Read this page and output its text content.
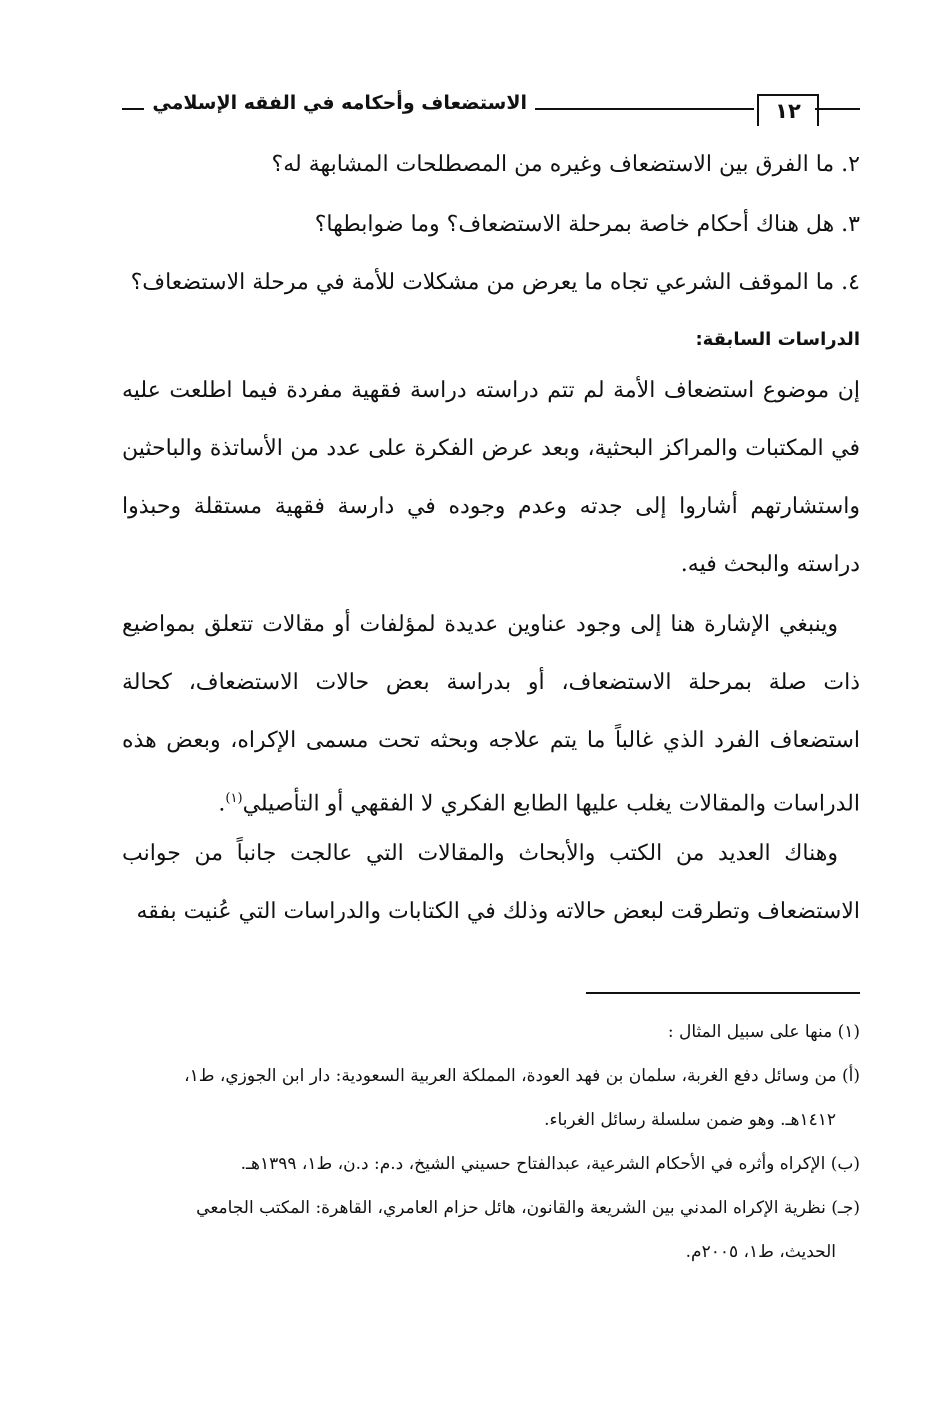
الاستضعاف وأحكامه في الفقه الإسلامي	١٢
٢. ما الفرق بين الاستضعاف وغيره من المصطلحات المشابهة له؟
٣. هل هناك أحكام خاصة بمرحلة الاستضعاف؟ وما ضوابطها؟
٤. ما الموقف الشرعي تجاه ما يعرض من مشكلات للأمة في مرحلة الاستضعاف؟
الدراسات السابقة:
إن موضوع استضعاف الأمة لم تتم دراسته دراسة فقهية مفردة فيما اطلعت عليه في المكتبات والمراكز البحثية، وبعد عرض الفكرة على عدد من الأساتذة والباحثين واستشارتهم أشاروا إلى جدته وعدم وجوده في دارسة فقهية مستقلة وحبذوا دراسته والبحث فيه.
وينبغي الإشارة هنا إلى وجود عناوين عديدة لمؤلفات أو مقالات تتعلق بمواضيع ذات صلة بمرحلة الاستضعاف، أو بدراسة بعض حالات الاستضعاف، كحالة استضعاف الفرد الذي غالباً ما يتم علاجه وبحثه تحت مسمى الإكراه، وبعض هذه الدراسات والمقالات يغلب عليها الطابع الفكري لا الفقهي أو التأصيلي$^{(١)}$.
وهناك العديد من الكتب والأبحاث والمقالات التي عالجت جانباً من جوانب الاستضعاف وتطرقت لبعض حالاته وذلك في الكتابات والدراسات التي عُنيت بفقه
(١) منها على سبيل المثال :
(أ) من وسائل دفع الغربة، سلمان بن فهد العودة، المملكة العربية السعودية: دار ابن الجوزي، ط١،
١٤١٢هـ. وهو ضمن سلسلة رسائل الغرباء.
(ب) الإكراه وأثره في الأحكام الشرعية، عبدالفتاح حسيني الشيخ، د.م: د.ن، ط١، ١٣٩٩هـ.
(جـ) نظرية الإكراه المدني بين الشريعة والقانون، هائل حزام العامري، القاهرة: المكتب الجامعي
الحديث، ط١، ٢٠٠٥م.
